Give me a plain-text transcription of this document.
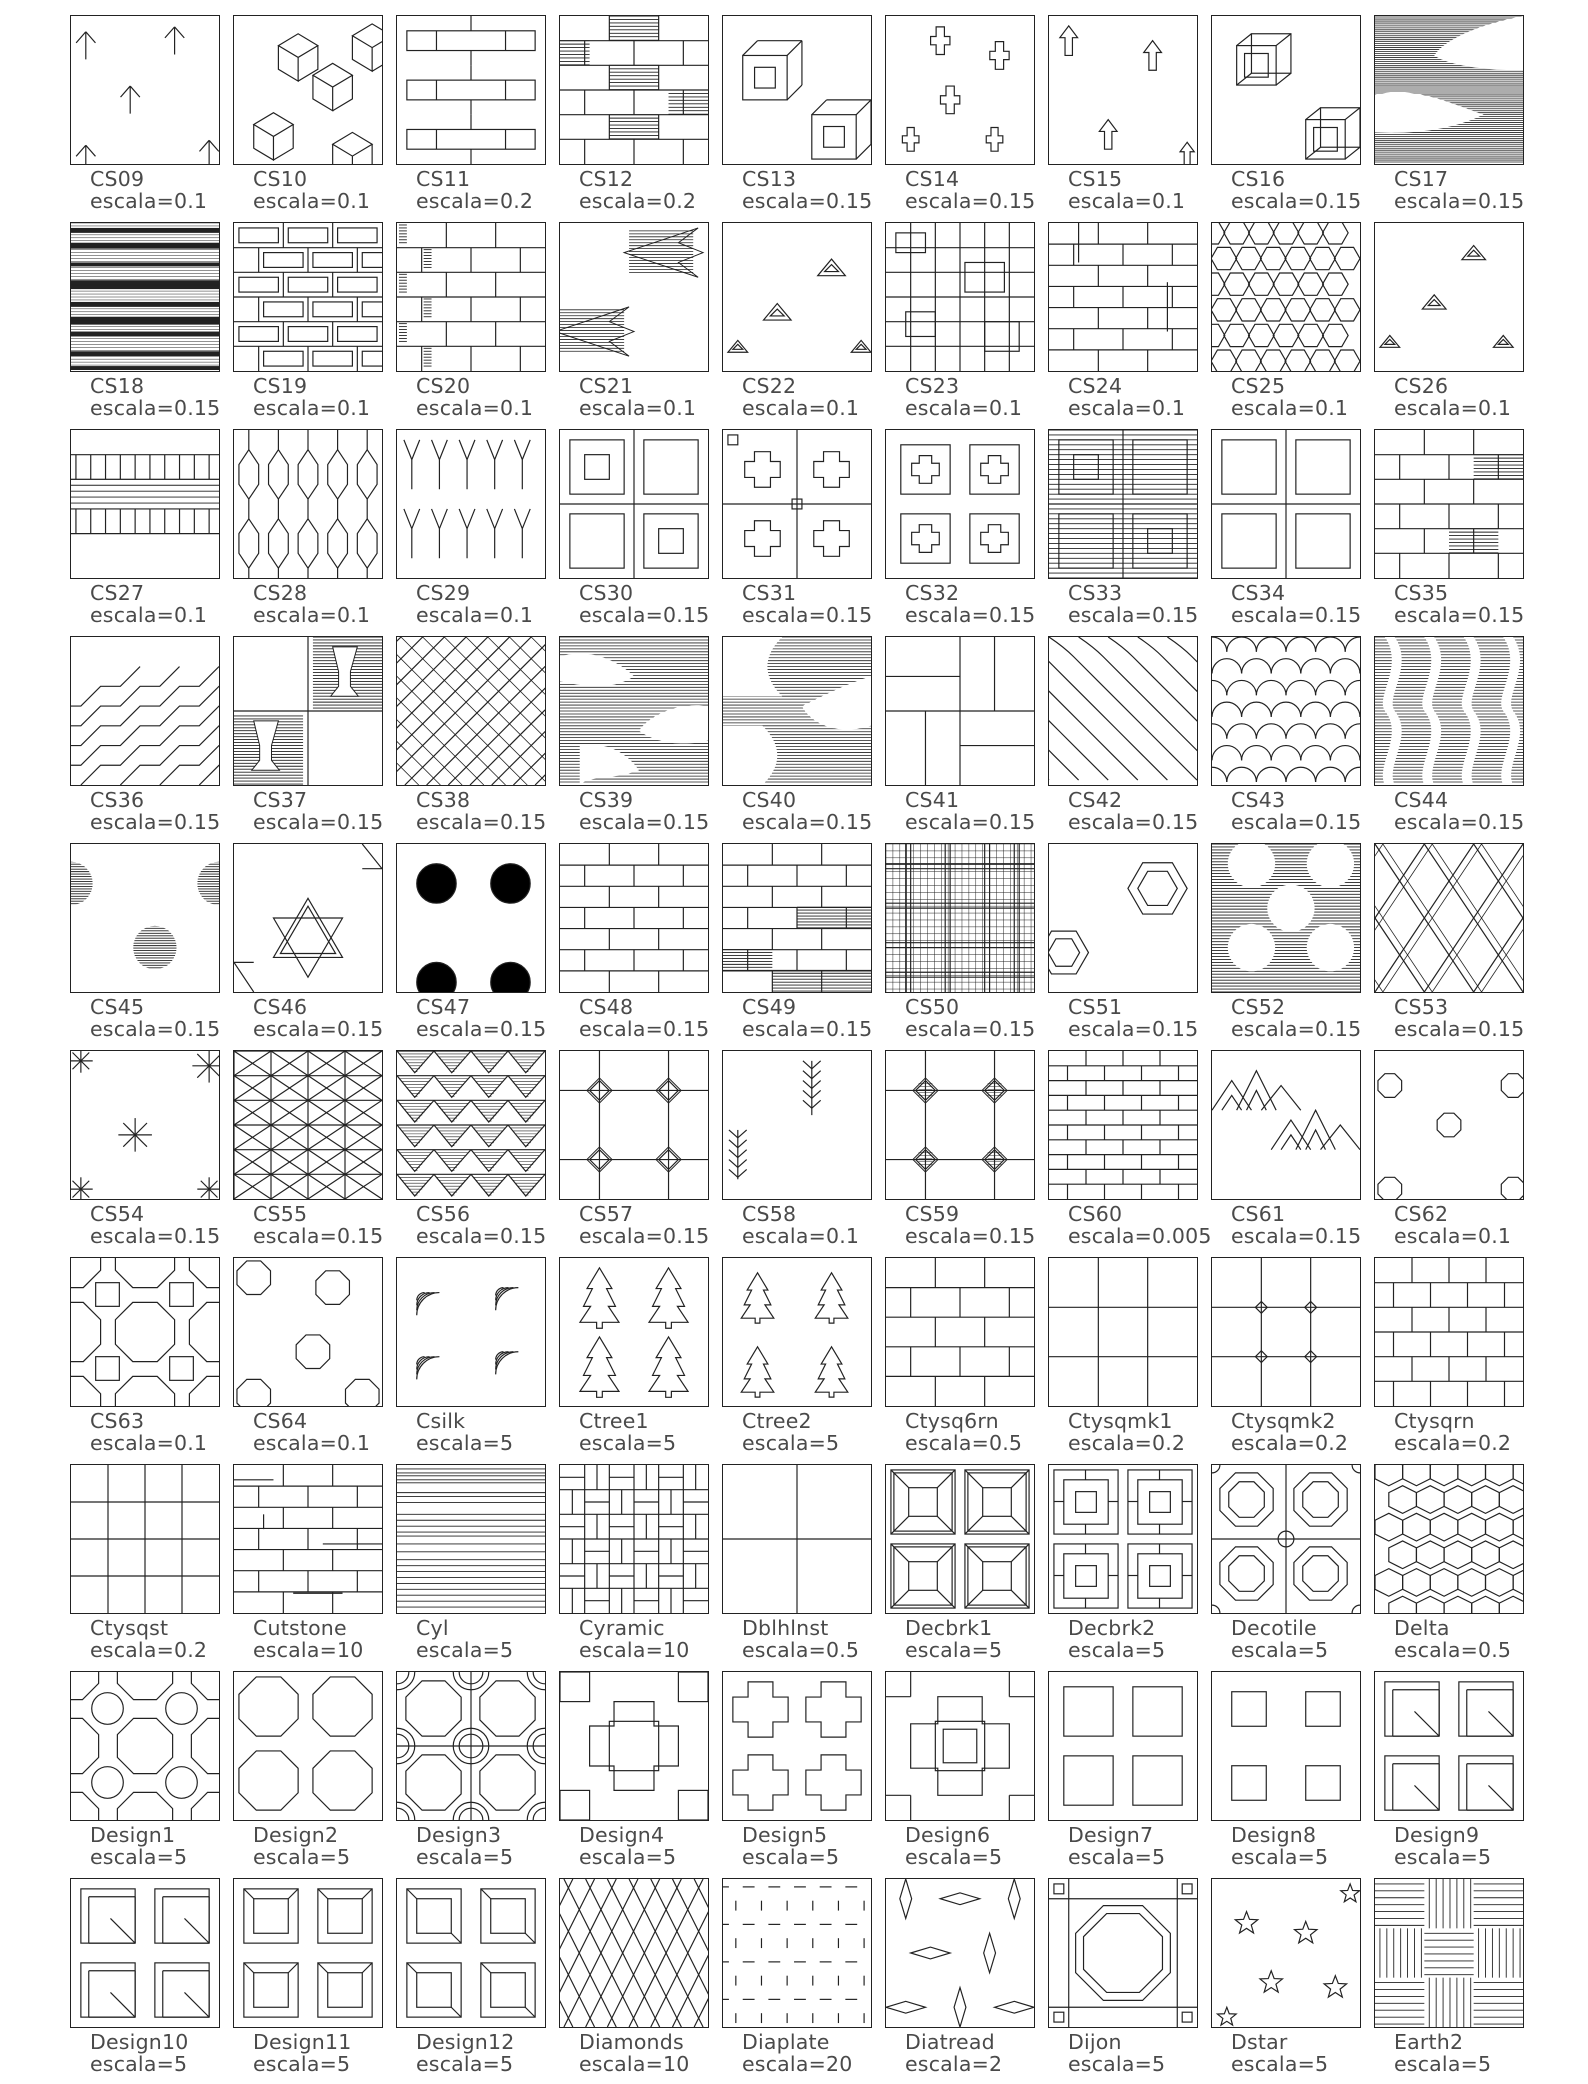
CS09
escala=0.1
CS10
escala=0.1
CS11
escala=0.2
CS12
escala=0.2
CS13
escala=0.15
CS14
escala=0.15
CS15
escala=0.1
CS16
escala=0.15
CS17
escala=0.15
CS18
escala=0.15
CS19
escala=0.1
CS20
escala=0.1
CS21
escala=0.1
CS22
escala=0.1
CS23
escala=0.1
CS24
escala=0.1
CS25
escala=0.1
CS26
escala=0.1
CS27
escala=0.1
CS28
escala=0.1
CS29
escala=0.1
CS30
escala=0.15
CS31
escala=0.15
CS32
escala=0.15
CS33
escala=0.15
CS34
escala=0.15
CS35
escala=0.15
CS36
escala=0.15
CS37
escala=0.15
CS38
escala=0.15
CS39
escala=0.15
CS40
escala=0.15
CS41
escala=0.15
CS42
escala=0.15
CS43
escala=0.15
CS44
escala=0.15
CS45
escala=0.15
CS46
escala=0.15
CS47
escala=0.15
CS48
escala=0.15
CS49
escala=0.15
CS50
escala=0.15
CS51
escala=0.15
CS52
escala=0.15
CS53
escala=0.15
CS54
escala=0.15
CS55
escala=0.15
CS56
escala=0.15
CS57
escala=0.15
CS58
escala=0.1
CS59
escala=0.15
CS60
escala=0.005
CS61
escala=0.15
CS62
escala=0.1
CS63
escala=0.1
CS64
escala=0.1
Csilk
escala=5
Ctree1
escala=5
Ctree2
escala=5
Ctysq6rn
escala=0.5
Ctysqmk1
escala=0.2
Ctysqmk2
escala=0.2
Ctysqrn
escala=0.2
Ctysqst
escala=0.2
Cutstone
escala=10
Cyl
escala=5
Cyramic
escala=10
Dblhlnst
escala=0.5
Decbrk1
escala=5
Decbrk2
escala=5
Decotile
escala=5
Delta
escala=0.5
Design1
escala=5
Design2
escala=5
Design3
escala=5
Design4
escala=5
Design5
escala=5
Design6
escala=5
Design7
escala=5
Design8
escala=5
Design9
escala=5
Design10
escala=5
Design11
escala=5
Design12
escala=5
Diamonds
escala=10
Diaplate
escala=20
Diatread
escala=2
Dijon
escala=5
Dstar
escala=5
Earth2
escala=5
